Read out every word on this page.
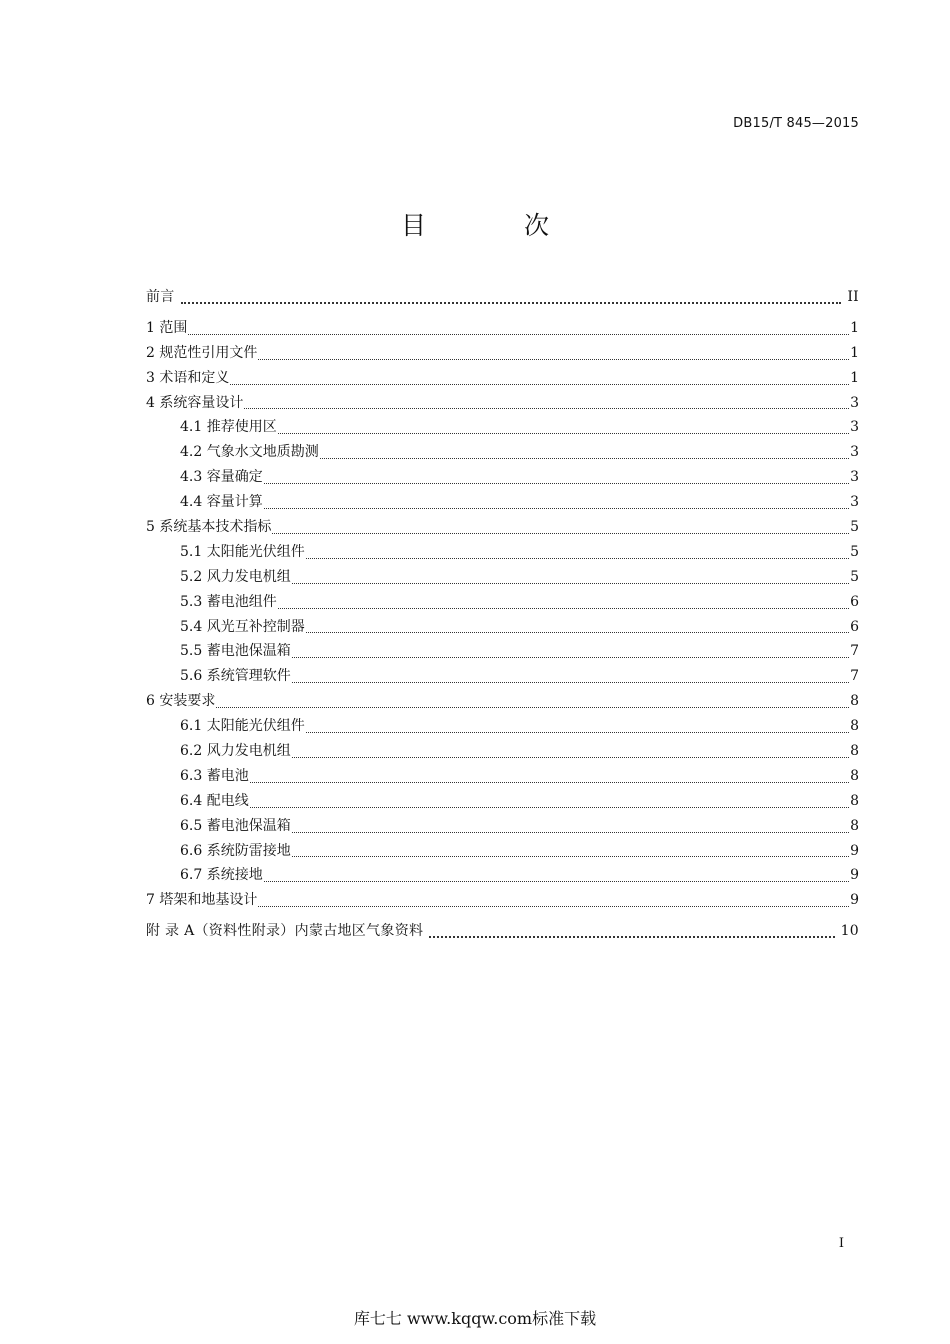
DB15/T 845—2015
目 次
前言	II
1 范围	1
2 规范性引用文件	1
3 术语和定义	1
4 系统容量设计	3
4.1 推荐使用区	3
4.2 气象水文地质勘测	3
4.3 容量确定	3
4.4 容量计算	3
5 系统基本技术指标	5
5.1 太阳能光伏组件	5
5.2 风力发电机组	5
5.3 蓄电池组件	6
5.4 风光互补控制器	6
5.5 蓄电池保温箱	7
5.6 系统管理软件	7
6 安装要求	8
6.1 太阳能光伏组件	8
6.2 风力发电机组	8
6.3 蓄电池	8
6.4 配电线	8
6.5 蓄电池保温箱	8
6.6 系统防雷接地	9
6.7 系统接地	9
7 塔架和地基设计	9
附 录 A（资料性附录）内蒙古地区气象资料	10
I
库七七 www.kqqw.com标准下载
